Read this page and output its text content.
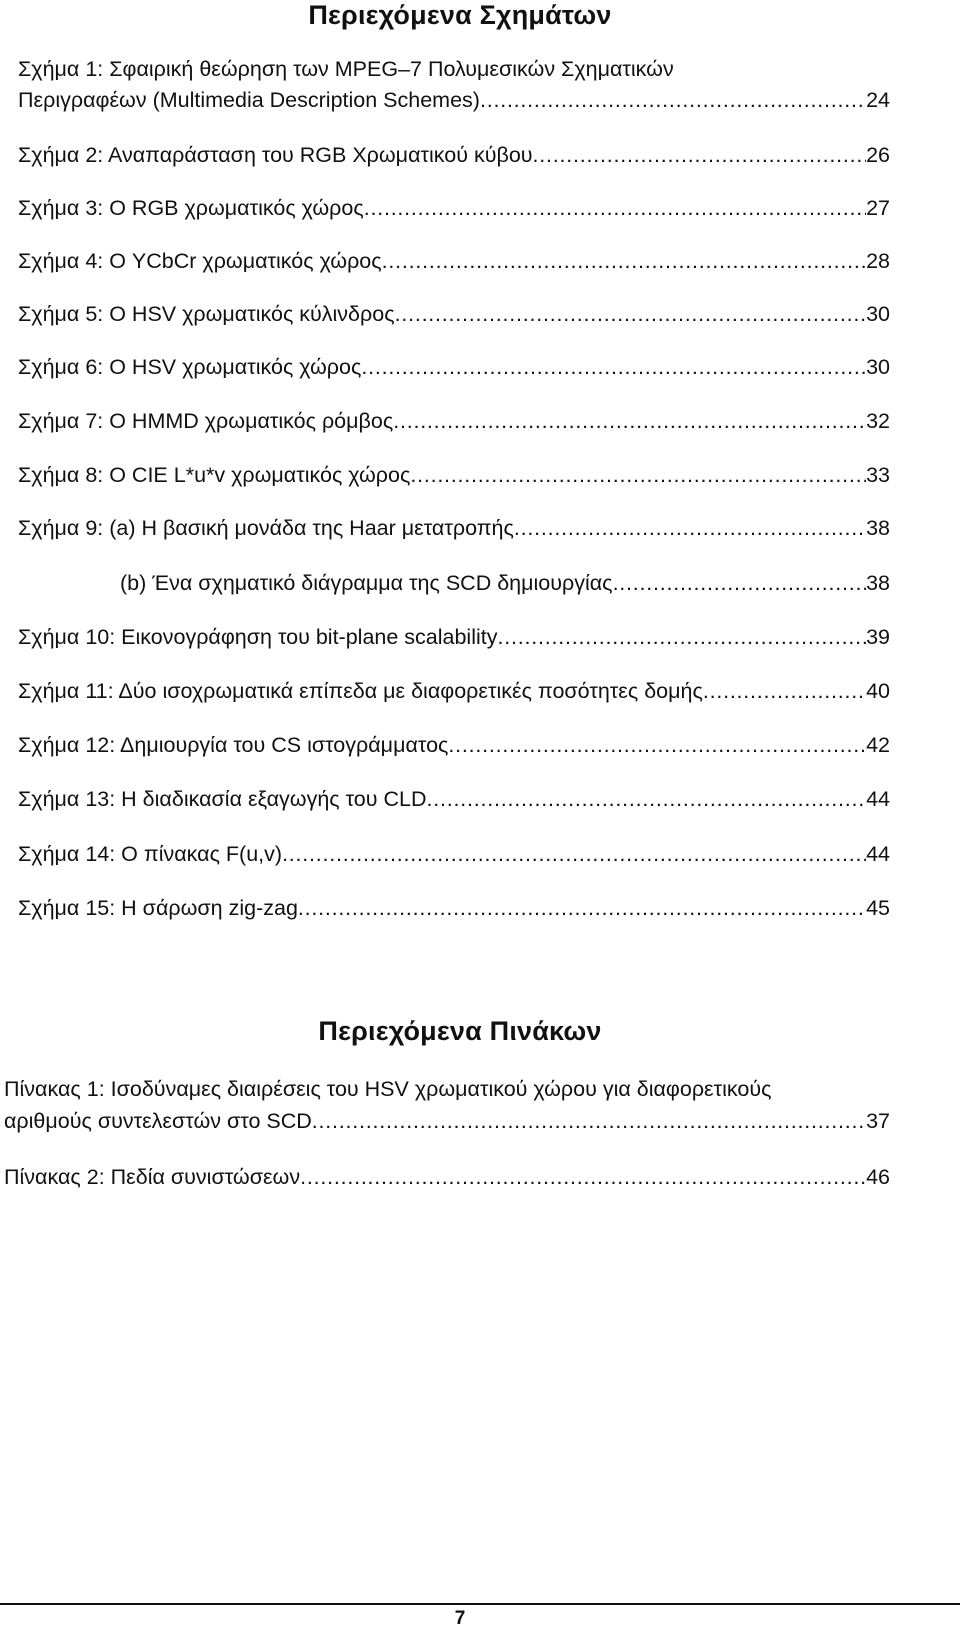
Περιεχόμενα Σχημάτων
Σχήμα 1: Σφαιρική θεώρηση των MPEG–7 Πολυμεσικών Σχηματικών
Περιγραφέων (Multimedia Description Schemes) . . .	24
Σχήμα 2: Αναπαράσταση του RGB Χρωματικού κύβου . . .	26
Σχήμα 3: Ο RGB χρωματικός χώρος . . .	27
Σχήμα 4: Ο YCbCr χρωματικός χώρος . . .	28
Σχήμα 5: Ο HSV χρωματικός κύλινδρος . . .	30
Σχήμα 6: Ο HSV χρωματικός χώρος . . .	30
Σχήμα 7: Ο HMMD χρωματικός ρόμβος . . .	32
Σχήμα 8: Ο CIE L*u*v χρωματικός χώρος . . .	33
Σχήμα 9: (a) Η βασική μονάδα της Haar μετατροπής . . .	38
(b) Ένα σχηματικό διάγραμμα της SCD δημιουργίας . . .	38
Σχήμα 10: Εικονογράφηση του bit-plane scalability . . .	39
Σχήμα 11: Δύο ισοχρωματικά επίπεδα με διαφορετικές ποσότητες δομής . . .	40
Σχήμα 12: Δημιουργία του CS ιστογράμματος . . .	42
Σχήμα 13: Η διαδικασία εξαγωγής του CLD . . .	44
Σχήμα 14: Ο πίνακας F(u,v) . . .	44
Σχήμα 15: Η σάρωση zig-zag . . .	45
Περιεχόμενα Πινάκων
Πίνακας 1: Ισοδύναμες διαιρέσεις του HSV χρωματικού χώρου για διαφορετικούς
αριθμούς συντελεστών στο SCD . . .	37
Πίνακας 2: Πεδία συνιστώσεων . . .	46
7
